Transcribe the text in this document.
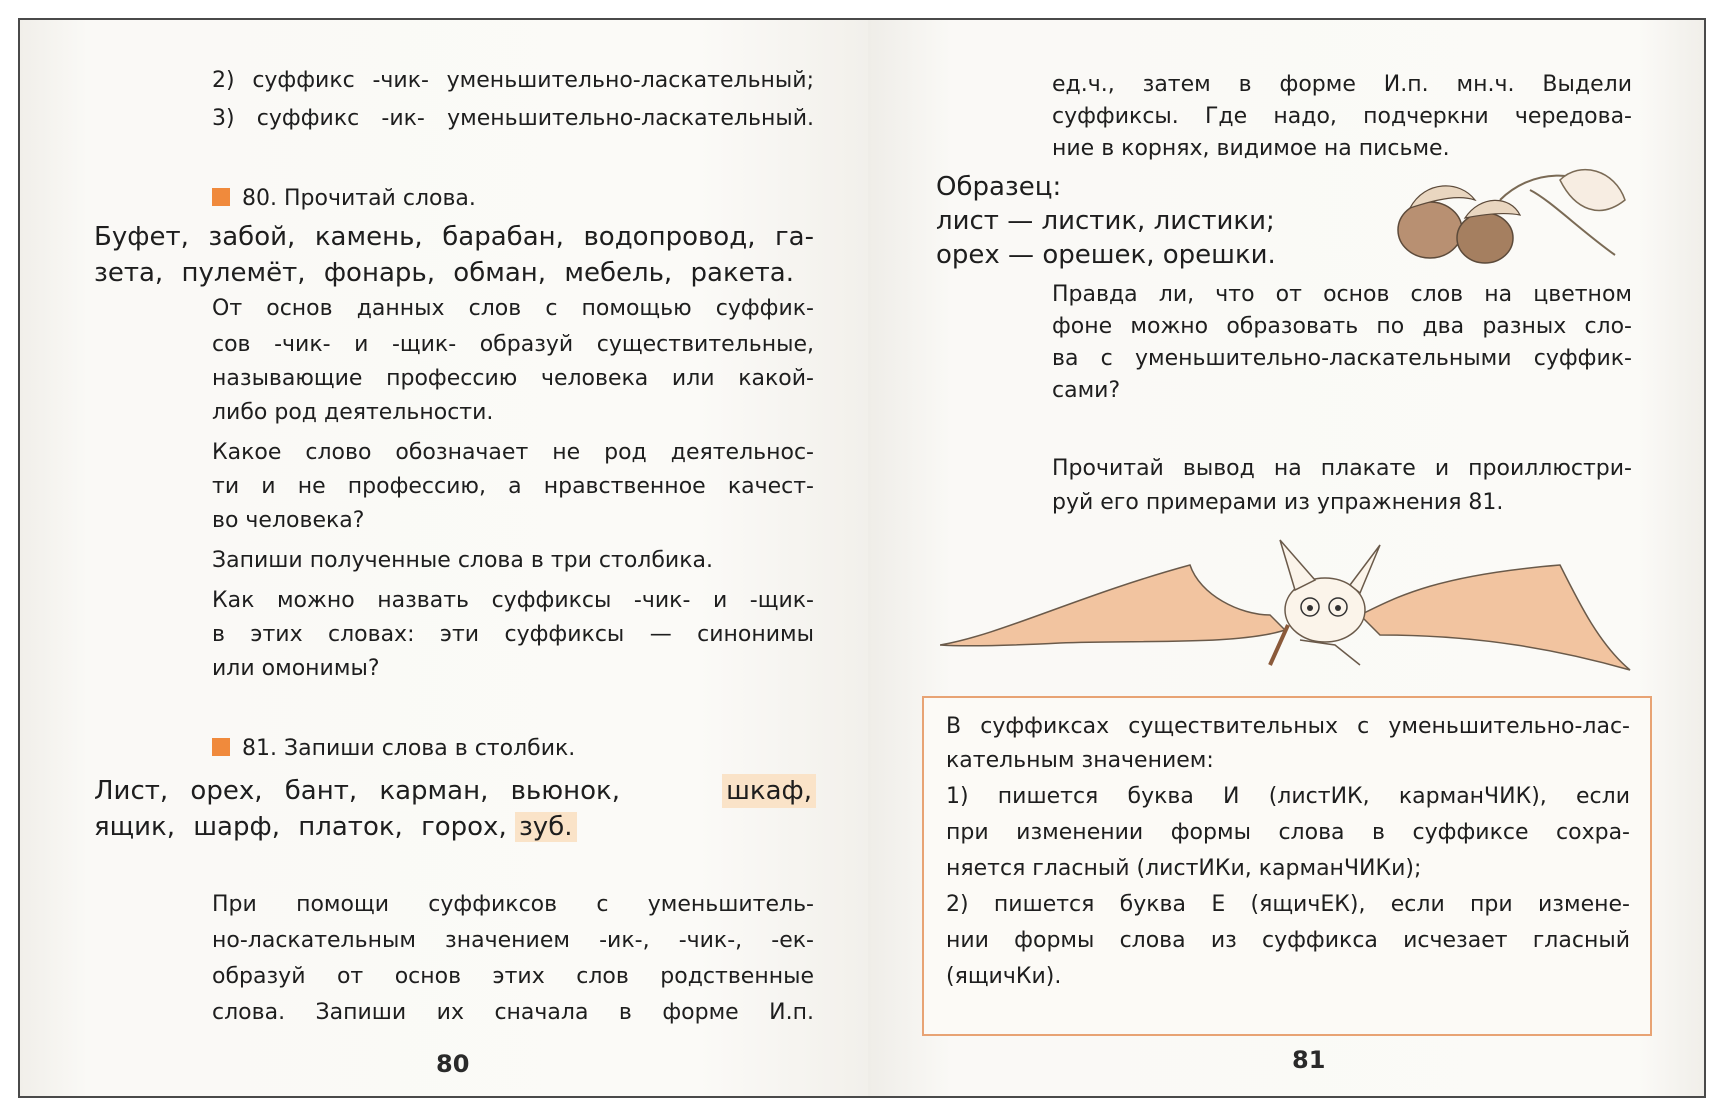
2) суффикс -чик- уменьшительно-ласкательный;
3) суффикс -ик- уменьшительно-ласкательный.
80. Прочитай слова.
Буфет, забой, камень, барабан, водопровод, га-
зета, пулемёт, фонарь, обман, мебель, ракета.
От основ данных слов с помощью суффик-
сов -чик- и -щик- образуй существительные,
называющие профессию человека или какой-
либо род деятельности.
Какое слово обозначает не род деятельнос-
ти и не профессию, а нравственное качест-
во человека?
Запиши полученные слова в три столбика.
Как можно назвать суффиксы -чик- и -щик-
в этих словах: эти суффиксы — синонимы
или омонимы?
81. Запиши слова в столбик.
Лист, орех, бант, карман, вьюнок,	шкаф,
ящик, шарф, платок, горох, зуб.
При помощи суффиксов с уменьшитель-
но-ласкательным значением -ик-, -чик-, -ек-
образуй от основ этих слов родственные
слова. Запиши их сначала в форме И.п.
80
ед.ч., затем в форме И.п. мн.ч. Выдели
суффиксы. Где надо, подчеркни чередова-
ние в корнях, видимое на письме.
Образец:
лист — листик, листики;
орех — орешек, орешки.
Правда ли, что от основ слов на цветном
фоне можно образовать по два разных сло-
ва с уменьшительно-ласкательными суффик-
сами?
Прочитай вывод на плакате и проиллюстри-
руй его примерами из упражнения 81.
В суффиксах существительных с уменьшительно-лас-
кательным значением:
1) пишется буква И (листИК, карманЧИК), если
при изменении формы слова в суффиксе сохра-
няется гласный (листИКи, карманЧИКи);
2) пишется буква Е (ящичЕК), если при измене-
нии формы слова из суффикса исчезает гласный
(ящичКи).
81
